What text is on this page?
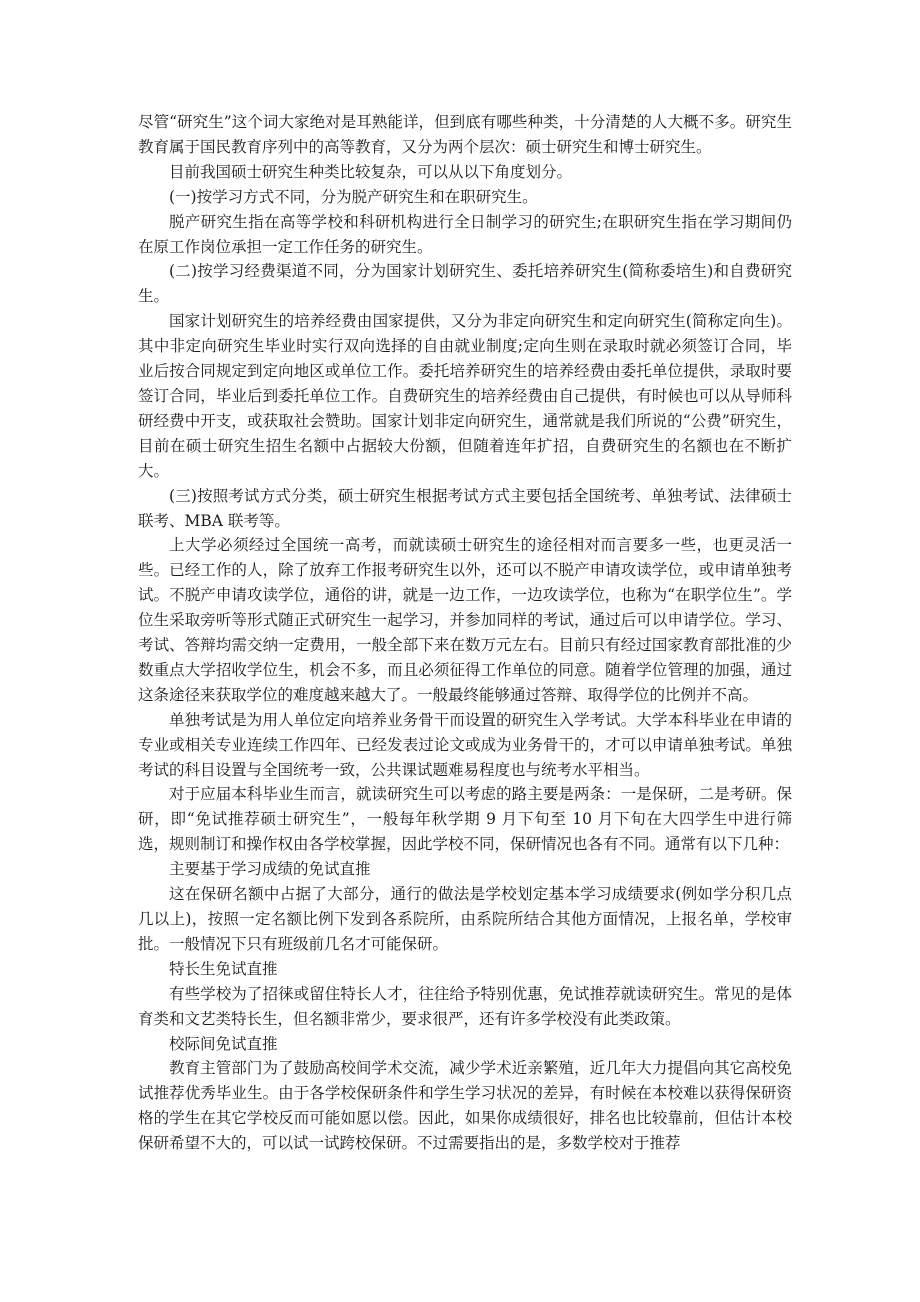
尽管“研究生”这个词大家绝对是耳熟能详，但到底有哪些种类，十分清楚的人大概不多。研究生教育属于国民教育序列中的高等教育，又分为两个层次：硕士研究生和博士研究生。

目前我国硕士研究生种类比较复杂，可以从以下角度划分。

(一)按学习方式不同，分为脱产研究生和在职研究生。

脱产研究生指在高等学校和科研机构进行全日制学习的研究生;在职研究生指在学习期间仍在原工作岗位承担一定工作任务的研究生。

(二)按学习经费渠道不同，分为国家计划研究生、委托培养研究生(简称委培生)和自费研究生。

国家计划研究生的培养经费由国家提供，又分为非定向研究生和定向研究生(简称定向生)。其中非定向研究生毕业时实行双向选择的自由就业制度;定向生则在录取时就必须签订合同，毕业后按合同规定到定向地区或单位工作。委托培养研究生的培养经费由委托单位提供，录取时要签订合同，毕业后到委托单位工作。自费研究生的培养经费由自己提供，有时候也可以从导师科研经费中开支，或获取社会赞助。国家计划非定向研究生，通常就是我们所说的“公费”研究生，目前在硕士研究生招生名额中占据较大份额，但随着连年扩招，自费研究生的名额也在不断扩大。

(三)按照考试方式分类，硕士研究生根据考试方式主要包括全国统考、单独考试、法律硕士联考、MBA 联考等。

上大学必须经过全国统一高考，而就读硕士研究生的途径相对而言要多一些，也更灵活一些。已经工作的人，除了放弃工作报考研究生以外，还可以不脱产申请攻读学位，或申请单独考试。不脱产申请攻读学位，通俗的讲，就是一边工作，一边攻读学位，也称为“在职学位生”。学位生采取旁听等形式随正式研究生一起学习，并参加同样的考试，通过后可以申请学位。学习、考试、答辩均需交纳一定费用，一般全部下来在数万元左右。目前只有经过国家教育部批准的少数重点大学招收学位生，机会不多，而且必须征得工作单位的同意。随着学位管理的加强，通过这条途径来获取学位的难度越来越大了。一般最终能够通过答辩、取得学位的比例并不高。

单独考试是为用人单位定向培养业务骨干而设置的研究生入学考试。大学本科毕业在申请的专业或相关专业连续工作四年、已经发表过论文或成为业务骨干的，才可以申请单独考试。单独考试的科目设置与全国统考一致，公共课试题难易程度也与统考水平相当。

对于应届本科毕业生而言，就读研究生可以考虑的路主要是两条：一是保研，二是考研。保研，即“免试推荐硕士研究生”，一般每年秋学期 9 月下旬至 10 月下旬在大四学生中进行筛选，规则制订和操作权由各学校掌握，因此学校不同，保研情况也各有不同。通常有以下几种：

主要基于学习成绩的免试直推

这在保研名额中占据了大部分，通行的做法是学校划定基本学习成绩要求(例如学分积几点几以上)，按照一定名额比例下发到各系院所，由系院所结合其他方面情况，上报名单，学校审批。一般情况下只有班级前几名才可能保研。

特长生免试直推

有些学校为了招徕或留住特长人才，往往给予特别优惠，免试推荐就读研究生。常见的是体育类和文艺类特长生，但名额非常少，要求很严，还有许多学校没有此类政策。

校际间免试直推

教育主管部门为了鼓励高校间学术交流，减少学术近亲繁殖，近几年大力提倡向其它高校免试推荐优秀毕业生。由于各学校保研条件和学生学习状况的差异，有时候在本校难以获得保研资格的学生在其它学校反而可能如愿以偿。因此，如果你成绩很好，排名也比较靠前，但估计本校保研希望不大的，可以试一试跨校保研。不过需要指出的是，多数学校对于推荐
